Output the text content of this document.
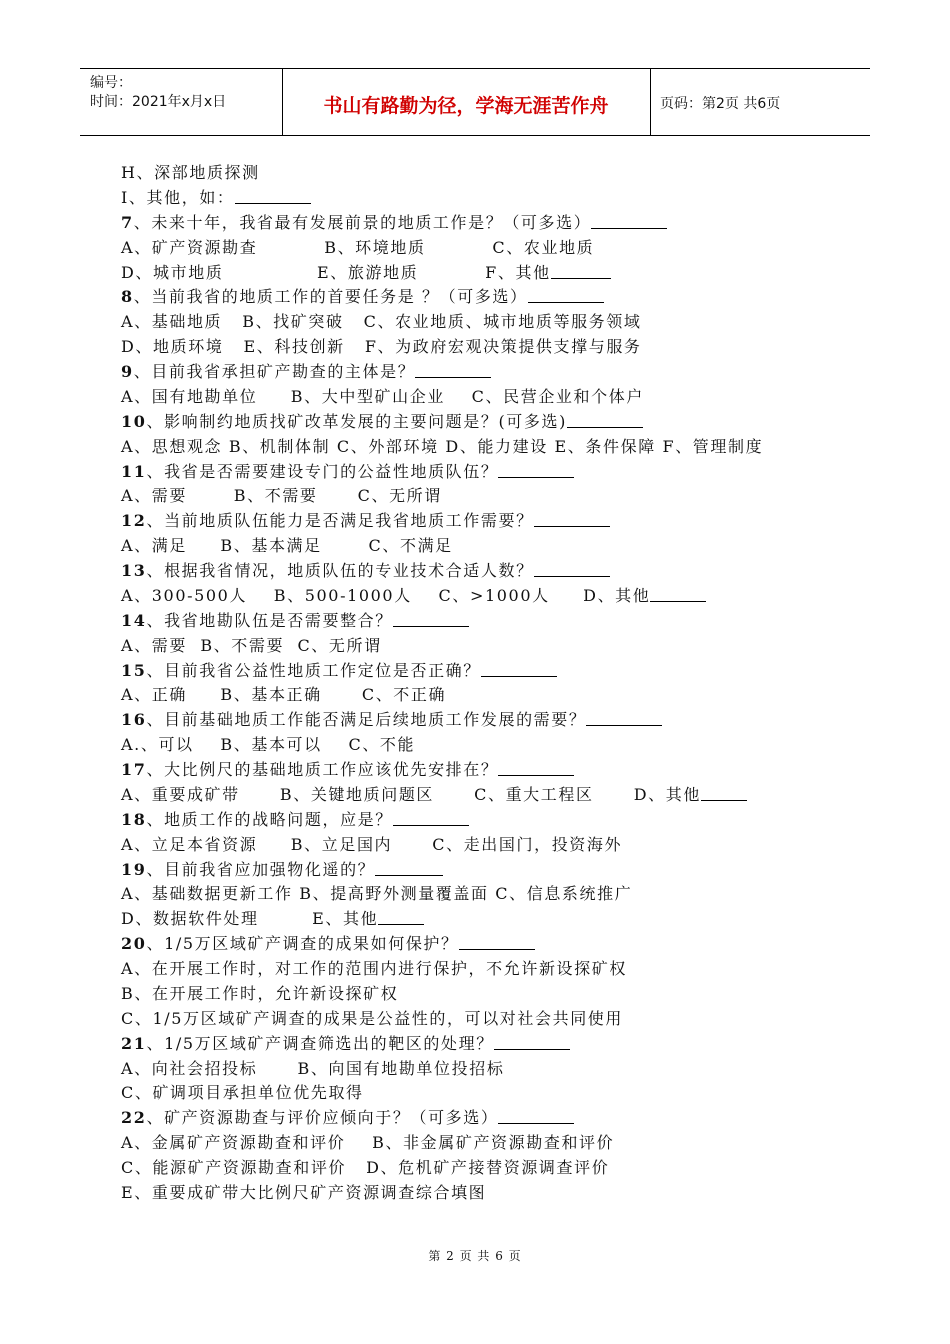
编号：
时间：2021年x月x日	书山有路勤为径，学海无涯苦作舟	页码：第2页 共6页
H、深部地质探测
I、其他，如：
7、未来十年，我省最有发展前景的地质工作是？（可多选）
A、矿产资源勘查          B、环境地质          C、农业地质
D、城市地质              E、旅游地质          F、其他
8、当前我省的地质工作的首要任务是 ？（可多选）
A、基础地质   B、找矿突破   C、农业地质、城市地质等服务领域
D、地质环境   E、科技创新   F、为政府宏观决策提供支撑与服务
9、目前我省承担矿产勘查的主体是？
A、国有地勘单位     B、大中型矿山企业    C、民营企业和个体户
10、影响制约地质找矿改革发展的主要问题是？(可多选)
A、思想观念 B、机制体制 C、外部环境 D、能力建设 E、条件保障 F、管理制度
11、我省是否需要建设专门的公益性地质队伍？
A、需要       B、不需要      C、无所谓
12、当前地质队伍能力是否满足我省地质工作需要？
A、满足     B、基本满足       C、不满足
13、根据我省情况，地质队伍的专业技术合适人数？
A、300-500人    B、500-1000人    C、>1000人     D、其他
14、我省地勘队伍是否需要整合？
A、需要  B、不需要  C、无所谓
15、目前我省公益性地质工作定位是否正确？
A、正确     B、基本正确      C、不正确
16、目前基础地质工作能否满足后续地质工作发展的需要？
A.、可以    B、基本可以    C、不能
17、大比例尺的基础地质工作应该优先安排在？
A、重要成矿带      B、关键地质问题区      C、重大工程区      D、其他
18、地质工作的战略问题，应是？
A、立足本省资源     B、立足国内      C、走出国门，投资海外
19、目前我省应加强物化遥的？
A、基础数据更新工作 B、提高野外测量覆盖面 C、信息系统推广
D、数据软件处理        E、其他
20、1/5万区域矿产调查的成果如何保护？
A、在开展工作时，对工作的范围内进行保护，不允许新设探矿权
B、在开展工作时，允许新设探矿权
C、1/5万区域矿产调查的成果是公益性的，可以对社会共同使用
21、1/5万区域矿产调查筛选出的靶区的处理？
A、向社会招投标      B、向国有地勘单位投招标
C、矿调项目承担单位优先取得
22、矿产资源勘查与评价应倾向于？（可多选）
A、金属矿产资源勘查和评价    B、非金属矿产资源勘查和评价
C、能源矿产资源勘查和评价   D、危机矿产接替资源调查评价
E、重要成矿带大比例尺矿产资源调查综合填图
第 2 页 共 6 页
